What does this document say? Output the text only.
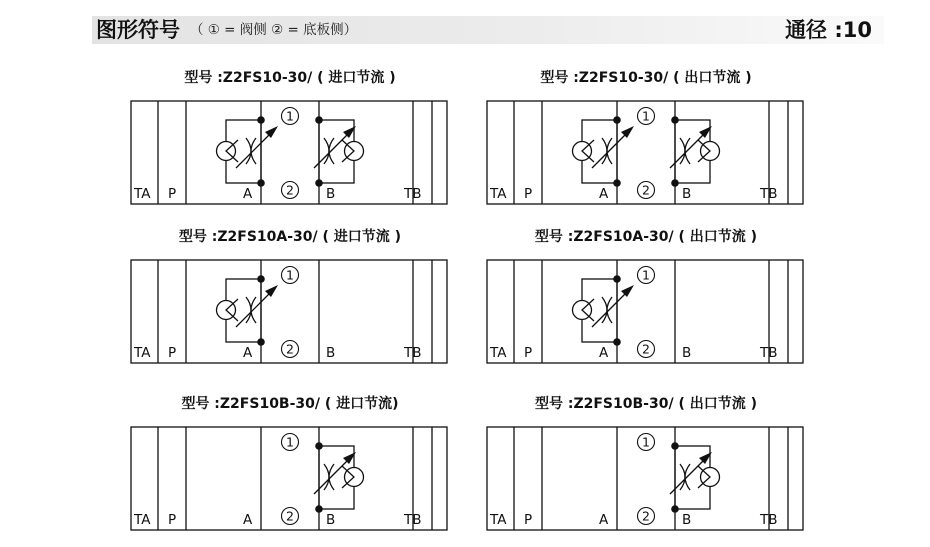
图形符号 （ ① = 阀侧 ② = 底板侧）	通径 :10
型号 :Z2FS10-30/ ( 进口节流 )
TA P	A	B	TB
1
2
型号 :Z2FS10-30/ ( 出口节流 )
TA P	A	B	TB
1
2
型号 :Z2FS10A-30/ ( 进口节流 )
TA P	A	B	TB
1
2
型号 :Z2FS10A-30/ ( 出口节流 )
TA P	A	B	TB
1
2
型号 :Z2FS10B-30/ ( 进口节流)
TA P	A	B	TB
1
2
型号 :Z2FS10B-30/ ( 出口节流 )
TA P	A	B	TB
1
2
